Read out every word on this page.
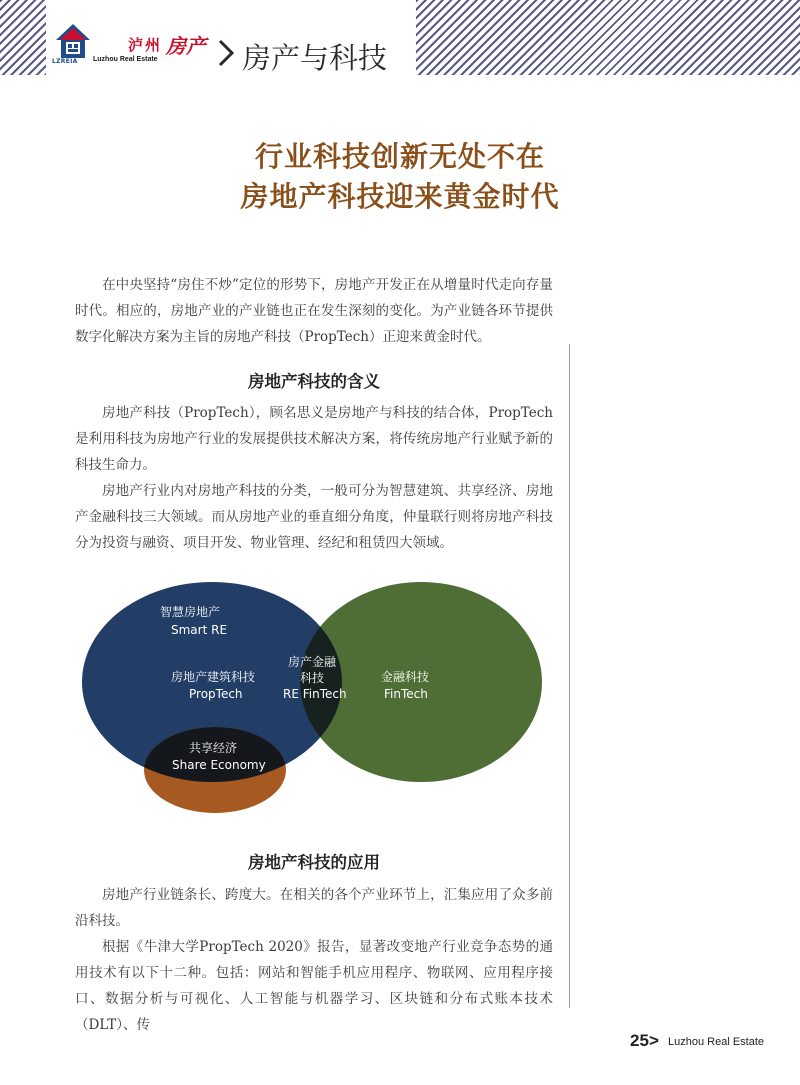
LZREIA
泸州 房产
Luzhou Real Estate	房产与科技
行业科技创新无处不在
房地产科技迎来黄金时代

在中央坚持“房住不炒”定位的形势下，房地产开发正在从增量时代走向存量时代。相应的，房地产业的产业链也正在发生深刻的变化。为产业链各环节提供数字化解决方案为主旨的房地产科技（PropTech）正迎来黄金时代。

房地产科技的含义

房地产科技（PropTech），顾名思义是房地产与科技的结合体，PropTech是利用科技为房地产行业的发展提供技术解决方案，将传统房地产行业赋予新的科技生命力。

房地产行业内对房地产科技的分类，一般可分为智慧建筑、共享经济、房地产金融科技三大领域。而从房地产业的垂直细分角度，仲量联行则将房地产科技分为投资与融资、项目开发、物业管理、经纪和租赁四大领域。

智慧房地产
Smart RE
房地产建筑科技
PropTech
房产金融
科技
RE FinTech
金融科技
FinTech
共享经济
Share Economy
房地产科技的应用

房地产行业链条长、跨度大。在相关的各个产业环节上，汇集应用了众多前沿科技。

根据《牛津大学PropTech 2020》报告，显著改变地产行业竞争态势的通用技术有以下十二种。包括：网站和智能手机应用程序、物联网、应用程序接口、数据分析与可视化、人工智能与机器学习、区块链和分布式账本技术（DLT）、传

25 > Luzhou Real Estate
